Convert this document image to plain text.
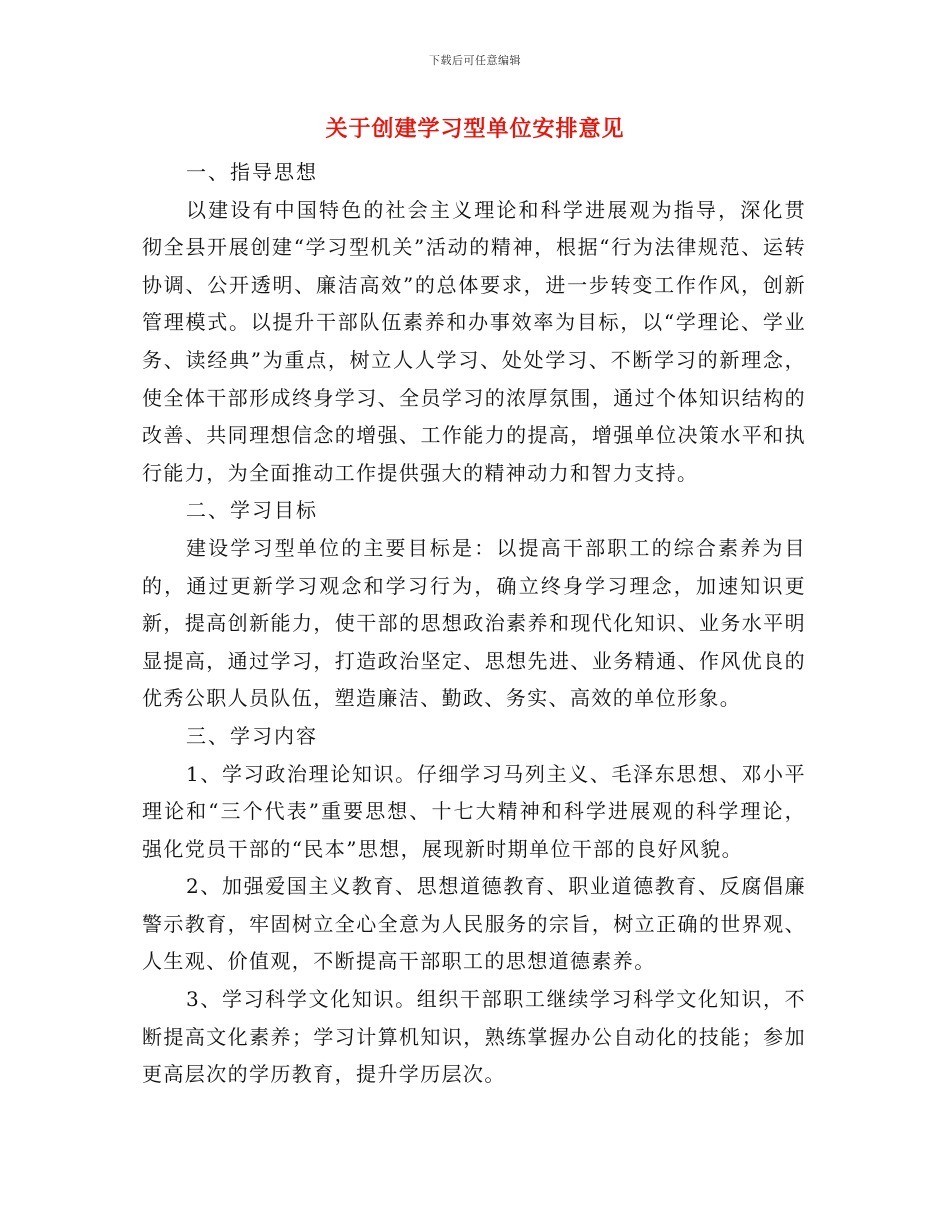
下载后可任意编辑
关于创建学习型单位安排意见

一、指导思想

以建设有中国特色的社会主义理论和科学进展观为指导，深化贯彻全县开展创建“学习型机关”活动的精神，根据“行为法律规范、运转协调、公开透明、廉洁高效”的总体要求，进一步转变工作作风，创新管理模式。以提升干部队伍素养和办事效率为目标，以“学理论、学业务、读经典”为重点，树立人人学习、处处学习、不断学习的新理念，使全体干部形成终身学习、全员学习的浓厚氛围，通过个体知识结构的改善、共同理想信念的增强、工作能力的提高，增强单位决策水平和执行能力，为全面推动工作提供强大的精神动力和智力支持。

二、学习目标

建设学习型单位的主要目标是：以提高干部职工的综合素养为目的，通过更新学习观念和学习行为，确立终身学习理念，加速知识更新，提高创新能力，使干部的思想政治素养和现代化知识、业务水平明显提高，通过学习，打造政治坚定、思想先进、业务精通、作风优良的优秀公职人员队伍，塑造廉洁、勤政、务实、高效的单位形象。

三、学习内容

1、学习政治理论知识。仔细学习马列主义、毛泽东思想、邓小平理论和“三个代表”重要思想、十七大精神和科学进展观的科学理论，强化党员干部的“民本”思想，展现新时期单位干部的良好风貌。

2、加强爱国主义教育、思想道德教育、职业道德教育、反腐倡廉警示教育，牢固树立全心全意为人民服务的宗旨，树立正确的世界观、人生观、价值观，不断提高干部职工的思想道德素养。

3、学习科学文化知识。组织干部职工继续学习科学文化知识，不断提高文化素养；学习计算机知识，熟练掌握办公自动化的技能；参加更高层次的学历教育，提升学历层次。
